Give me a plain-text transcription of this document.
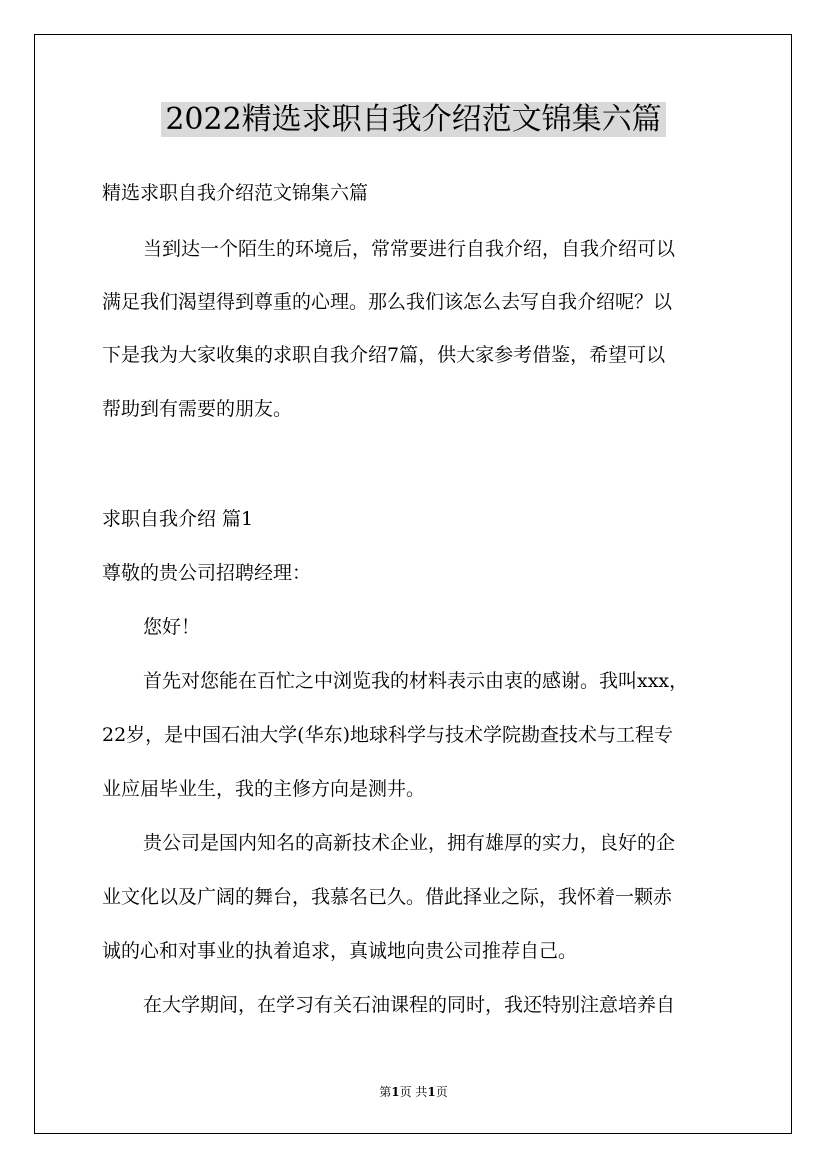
2022精选求职自我介绍范文锦集六篇
精选求职自我介绍范文锦集六篇
当到达一个陌生的环境后，常常要进行自我介绍，自我介绍可以
满足我们渴望得到尊重的心理。那么我们该怎么去写自我介绍呢？以
下是我为大家收集的求职自我介绍7篇，供大家参考借鉴，希望可以
帮助到有需要的朋友。
求职自我介绍 篇1
尊敬的贵公司招聘经理：
您好！
首先对您能在百忙之中浏览我的材料表示由衷的感谢。我叫xxx，
22岁，是中国石油大学(华东)地球科学与技术学院勘查技术与工程专
业应届毕业生，我的主修方向是测井。
贵公司是国内知名的高新技术企业，拥有雄厚的实力，良好的企
业文化以及广阔的舞台，我慕名已久。借此择业之际，我怀着一颗赤
诚的心和对事业的执着追求，真诚地向贵公司推荐自己。
在大学期间，在学习有关石油课程的同时，我还特别注意培养自
第1页 共1页
